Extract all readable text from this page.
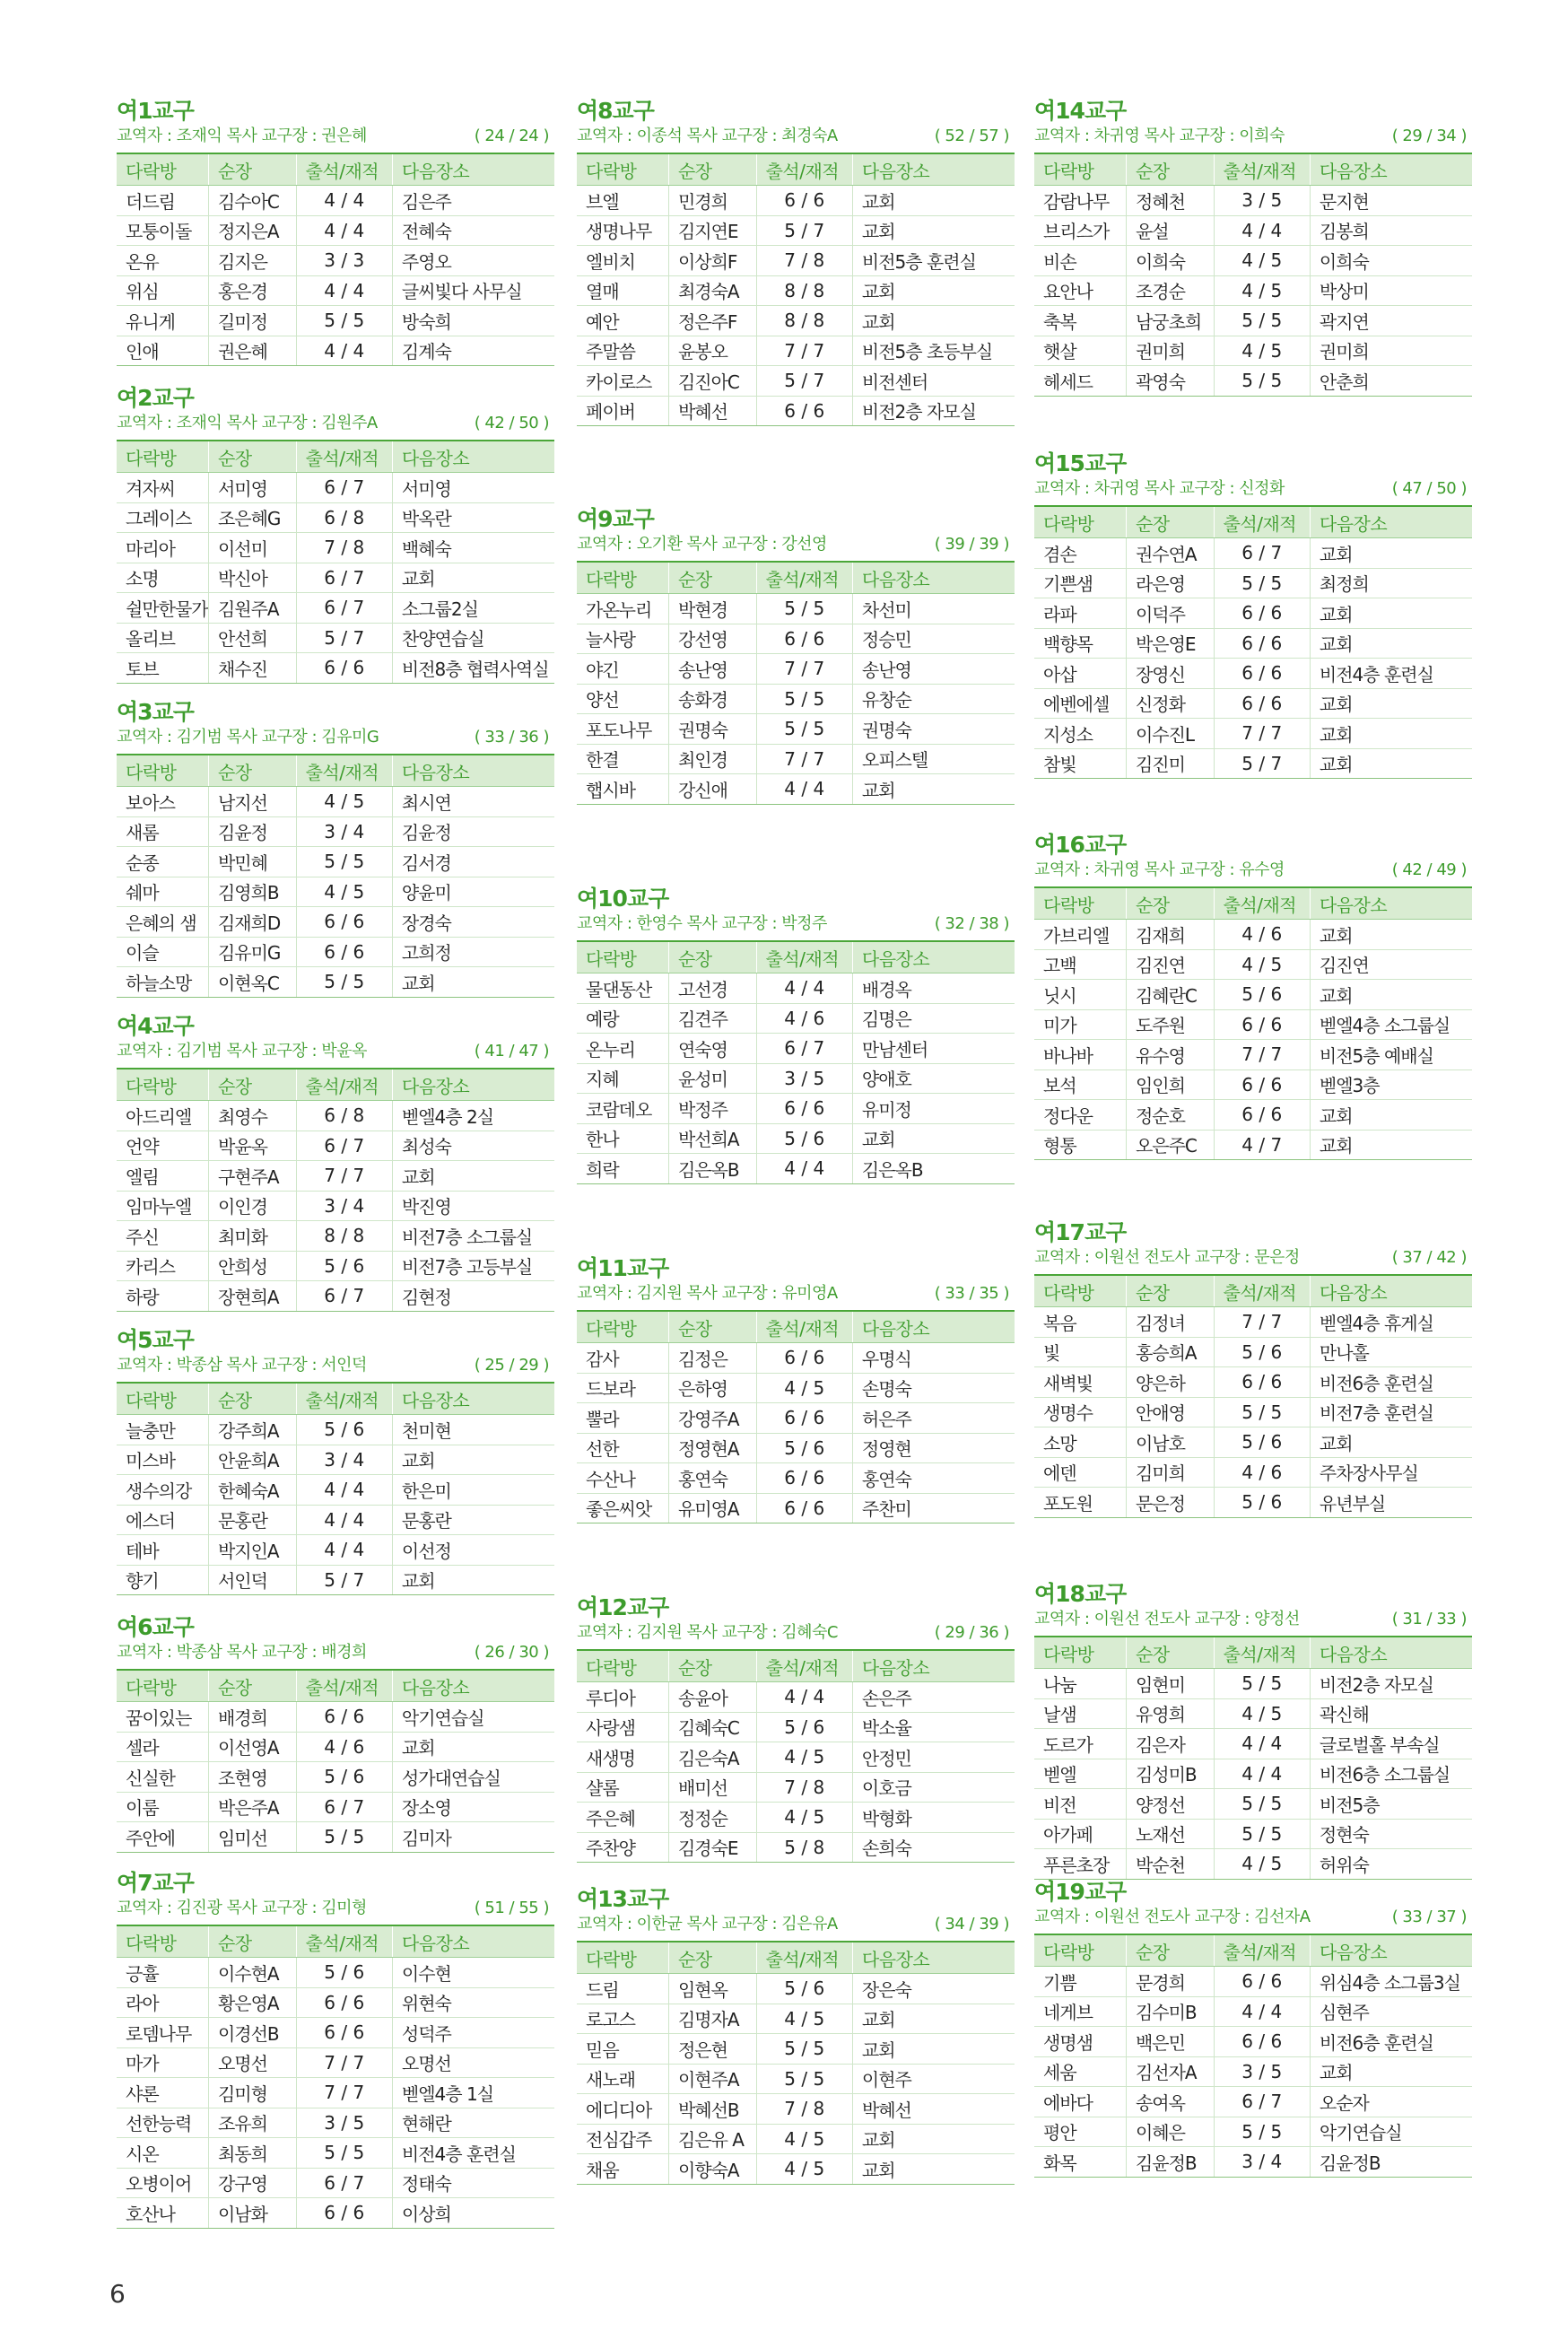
여1교구
교역자 : 조재익 목사 교구장 : 권은혜	( 24 / 24 )
다락방	순장	출석/재적	다음장소
더드림	김수아C	4 / 4	김은주
모퉁이돌	정지은A	4 / 4	전혜숙
온유	김지은	3 / 3	주영오
위심	홍은경	4 / 4	글씨빛다 사무실
유니게	길미정	5 / 5	방숙희
인애	권은혜	4 / 4	김계숙
여2교구
교역자 : 조재익 목사 교구장 : 김원주A	( 42 / 50 )
다락방	순장	출석/재적	다음장소
겨자씨	서미영	6 / 7	서미영
그레이스	조은혜G	6 / 8	박옥란
마리아	이선미	7 / 8	백혜숙
소명	박신아	6 / 7	교회
쉴만한물가	김원주A	6 / 7	소그룹2실
올리브	안선희	5 / 7	찬양연습실
토브	채수진	6 / 6	비전8층 협력사역실
여3교구
교역자 : 김기범 목사 교구장 : 김유미G	( 33 / 36 )
다락방	순장	출석/재적	다음장소
보아스	남지선	4 / 5	최시연
새롬	김윤정	3 / 4	김윤정
순종	박민혜	5 / 5	김서경
쉐마	김영희B	4 / 5	양윤미
은혜의 샘	김재희D	6 / 6	장경숙
이슬	김유미G	6 / 6	고희정
하늘소망	이현옥C	5 / 5	교회
여4교구
교역자 : 김기범 목사 교구장 : 박윤옥	( 41 / 47 )
다락방	순장	출석/재적	다음장소
아드리엘	최영수	6 / 8	벧엘4층 2실
언약	박윤옥	6 / 7	최성숙
엘림	구현주A	7 / 7	교회
임마누엘	이인경	3 / 4	박진영
주신	최미화	8 / 8	비전7층 소그룹실
카리스	안희성	5 / 6	비전7층 고등부실
하랑	장현희A	6 / 7	김현정
여5교구
교역자 : 박종삼 목사 교구장 : 서인덕	( 25 / 29 )
다락방	순장	출석/재적	다음장소
늘충만	강주희A	5 / 6	천미현
미스바	안윤희A	3 / 4	교회
생수의강	한혜숙A	4 / 4	한은미
에스더	문홍란	4 / 4	문홍란
테바	박지인A	4 / 4	이선정
향기	서인덕	5 / 7	교회
여6교구
교역자 : 박종삼 목사 교구장 : 배경희	( 26 / 30 )
다락방	순장	출석/재적	다음장소
꿈이있는	배경희	6 / 6	악기연습실
셀라	이선영A	4 / 6	교회
신실한	조현영	5 / 6	성가대연습실
이룸	박은주A	6 / 7	장소영
주안에	임미선	5 / 5	김미자
여7교구
교역자 : 김진광 목사 교구장 : 김미형	( 51 / 55 )
다락방	순장	출석/재적	다음장소
긍휼	이수현A	5 / 6	이수현
라아	황은영A	6 / 6	위현숙
로뎀나무	이경선B	6 / 6	성덕주
마가	오명선	7 / 7	오명선
샤론	김미형	7 / 7	벧엘4층 1실
선한능력	조유희	3 / 5	현해란
시온	최동희	5 / 5	비전4층 훈련실
오병이어	강구영	6 / 7	정태숙
호산나	이남화	6 / 6	이상희
여8교구
교역자 : 이종석 목사 교구장 : 최경숙A	( 52 / 57 )
다락방	순장	출석/재적	다음장소
브엘	민경희	6 / 6	교회
생명나무	김지연E	5 / 7	교회
엘비치	이상희F	7 / 8	비전5층 훈련실
열매	최경숙A	8 / 8	교회
예안	정은주F	8 / 8	교회
주말씀	윤봉오	7 / 7	비전5층 초등부실
카이로스	김진아C	5 / 7	비전센터
페이버	박혜선	6 / 6	비전2층 자모실
여9교구
교역자 : 오기환 목사 교구장 : 강선영	( 39 / 39 )
다락방	순장	출석/재적	다음장소
가온누리	박현경	5 / 5	차선미
늘사랑	강선영	6 / 6	정승민
야긴	송난영	7 / 7	송난영
양선	송화경	5 / 5	유창순
포도나무	권명숙	5 / 5	권명숙
한결	최인경	7 / 7	오피스텔
햅시바	강신애	4 / 4	교회
여10교구
교역자 : 한영수 목사 교구장 : 박정주	( 32 / 38 )
다락방	순장	출석/재적	다음장소
물댄동산	고선경	4 / 4	배경옥
예랑	김견주	4 / 6	김명은
온누리	연숙영	6 / 7	만남센터
지혜	윤성미	3 / 5	양애호
코람데오	박정주	6 / 6	유미정
한나	박선희A	5 / 6	교회
희락	김은옥B	4 / 4	김은옥B
여11교구
교역자 : 김지원 목사 교구장 : 유미영A	( 33 / 35 )
다락방	순장	출석/재적	다음장소
감사	김정은	6 / 6	우명식
드보라	은하영	4 / 5	손명숙
뿔라	강영주A	6 / 6	허은주
선한	정영현A	5 / 6	정영현
수산나	홍연숙	6 / 6	홍연숙
좋은씨앗	유미영A	6 / 6	주찬미
여12교구
교역자 : 김지원 목사 교구장 : 김혜숙C	( 29 / 36 )
다락방	순장	출석/재적	다음장소
루디아	송윤아	4 / 4	손은주
사랑샘	김혜숙C	5 / 6	박소율
새생명	김은숙A	4 / 5	안정민
샬롬	배미선	7 / 8	이호금
주은혜	정정순	4 / 5	박형화
주찬양	김경숙E	5 / 8	손희숙
여13교구
교역자 : 이한균 목사 교구장 : 김은유A	( 34 / 39 )
다락방	순장	출석/재적	다음장소
드림	임현옥	5 / 6	장은숙
로고스	김명자A	4 / 5	교회
믿음	정은현	5 / 5	교회
새노래	이현주A	5 / 5	이현주
에디디아	박혜선B	7 / 8	박혜선
전심갑주	김은유 A	4 / 5	교회
채움	이향숙A	4 / 5	교회
여14교구
교역자 : 차귀영 목사 교구장 : 이희숙	( 29 / 34 )
다락방	순장	출석/재적	다음장소
감람나무	정혜천	3 / 5	문지현
브리스가	윤설	4 / 4	김봉희
비손	이희숙	4 / 5	이희숙
요안나	조경순	4 / 5	박상미
축복	남궁초희	5 / 5	곽지연
햇살	권미희	4 / 5	권미희
헤세드	곽영숙	5 / 5	안춘희
여15교구
교역자 : 차귀영 목사 교구장 : 신정화	( 47 / 50 )
다락방	순장	출석/재적	다음장소
겸손	권수연A	6 / 7	교회
기쁜샘	라은영	5 / 5	최정희
라파	이덕주	6 / 6	교회
백향목	박은영E	6 / 6	교회
아삽	장영신	6 / 6	비전4층 훈련실
에벤에셀	신정화	6 / 6	교회
지성소	이수진L	7 / 7	교회
참빛	김진미	5 / 7	교회
여16교구
교역자 : 차귀영 목사 교구장 : 유수영	( 42 / 49 )
다락방	순장	출석/재적	다음장소
가브리엘	김재희	4 / 6	교회
고백	김진연	4 / 5	김진연
닛시	김혜란C	5 / 6	교회
미가	도주원	6 / 6	벧엘4층 소그룹실
바나바	유수영	7 / 7	비전5층 예배실
보석	임인희	6 / 6	벧엘3층
정다운	정순호	6 / 6	교회
형통	오은주C	4 / 7	교회
여17교구
교역자 : 이원선 전도사 교구장 : 문은정	( 37 / 42 )
다락방	순장	출석/재적	다음장소
복음	김정녀	7 / 7	벧엘4층 휴게실
빛	홍승희A	5 / 6	만나홀
새벽빛	양은하	6 / 6	비전6층 훈련실
생명수	안애영	5 / 5	비전7층 훈련실
소망	이남호	5 / 6	교회
에덴	김미희	4 / 6	주차장사무실
포도원	문은정	5 / 6	유년부실
여18교구
교역자 : 이원선 전도사 교구장 : 양정선	( 31 / 33 )
다락방	순장	출석/재적	다음장소
나눔	임현미	5 / 5	비전2층 자모실
날샘	유영희	4 / 5	곽신해
도르가	김은자	4 / 4	글로벌홀 부속실
벧엘	김성미B	4 / 4	비전6층 소그룹실
비전	양정선	5 / 5	비전5층
아가페	노재선	5 / 5	정현숙
푸른초장	박순천	4 / 5	허위숙
여19교구
교역자 : 이원선 전도사 교구장 : 김선자A	( 33 / 37 )
다락방	순장	출석/재적	다음장소
기쁨	문경희	6 / 6	위심4층 소그룹3실
네게브	김수미B	4 / 4	심현주
생명샘	백은민	6 / 6	비전6층 훈련실
세움	김선자A	3 / 5	교회
에바다	송여옥	6 / 7	오순자
평안	이혜은	5 / 5	악기연습실
화목	김윤정B	3 / 4	김윤정B
6
